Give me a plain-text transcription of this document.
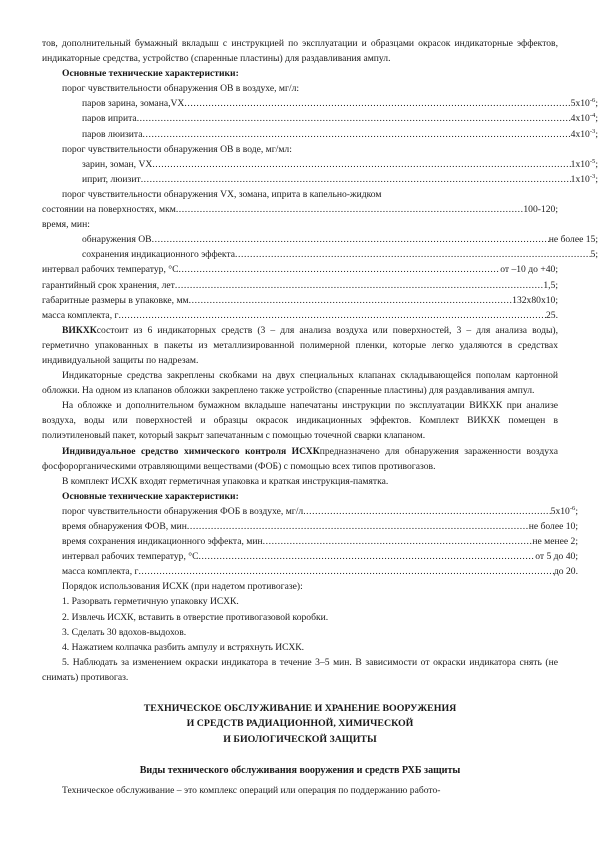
тов, дополнительный бумажный вкладыш с инструкцией по эксплуатации и образцами окрасок индикаторные эффектов, индикаторные средства, устройство (спаренные пластины) для раздавливания ампул.

Основные технические характеристики:

порог чувствительности обнаружения ОВ в воздухе, мг/л:

паров зарина, зомана,VX .....	$5x10^{-6}$;
паров иприта .....	$4x10^{-4}$;
паров люизита .....	$4x10^{-3}$;

порог чувствительности обнаружения ОВ в воде, мг/мл:

зарин, зоман, VX .....	$1x10^{-5}$;
иприт, люизит .....	$1x10^{-3}$;

порог чувствительности обнаружения VX, зомана, иприта в капельно-жидком

состоянии на поверхностях, мкм .....	100-120;

время, мин:

обнаружения ОВ .....	не более 15;
сохранения индикационного эффекта .....	5;
интервал рабочих температур, °С .....	от –10 до +40;
гарантийный срок хранения, лет .....	1,5;
габаритные размеры в упаковке, мм .....	132x80x10;
масса комплекта, г .....	25.

ВИКХКсостоит из 6 индикаторных средств (3 – для анализа воздуха или поверхностей, 3 – для анализа воды), герметично упакованных в пакеты из металлизированной полимерной пленки, которые легко удаляются в средствах индивидуальной защиты по надрезам.

Индикаторные средства закреплены скобками на двух специальных клапанах складывающейся пополам картонной обложки. На одном из клапанов обложки закреплено также устройство (спаренные пластины) для раздавливания ампул.

На обложке и дополнительном бумажном вкладыше напечатаны инструкции по эксплуатации ВИКХК при анализе воздуха, воды или поверхностей и образцы окрасок индикационных эффектов. Комплект ВИКХК помещен в полиэтиленовый пакет, который закрыт запечатанным с помощью точечной сварки клапаном.

Индивидуальное средство химического контроля ИСХКпредназначено для обнаружения зараженности воздуха фосфорорганическими отравляющими веществами (ФОБ) с помощью всех типов противогазов.

В комплект ИСХК входят герметичная упаковка и краткая инструкция-памятка.

Основные технические характеристики:

порог чувствительности обнаружения ФОБ в воздухе, мг/л .....	$5x10^{-6}$;
время обнаружения ФОВ, мин .....	не более 10;
время сохранения индикационного эффекта, мин .....	не менее 2;
интервал рабочих температур, °С .....	от 5 до 40;
масса комплекта, г .....	до 20.

Порядок использования ИСХК (при надетом противогазе):

1. Разорвать герметичную упаковку ИСХК.

2. Извлечь ИСХК, вставить в отверстие противогазовой коробки.

3. Сделать 30 вдохов-выдохов.

4. Нажатием колпачка разбить ампулу и встряхнуть ИСХК.

5. Наблюдать за изменением окраски индикатора в течение 3–5 мин. В зависимости от окраски индикатора снять (не снимать) противогаз.

ТЕХНИЧЕСКОЕ ОБСЛУЖИВАНИЕ И ХРАНЕНИЕ ВООРУЖЕНИЯ
И СРЕДСТВ РАДИАЦИОННОЙ, ХИМИЧЕСКОЙ
И БИОЛОГИЧЕСКОЙ ЗАЩИТЫ
Виды технического обслуживания вооружения и средств РХБ защиты

Техническое обслуживание – это комплекс операций или операция по поддержанию работо-
